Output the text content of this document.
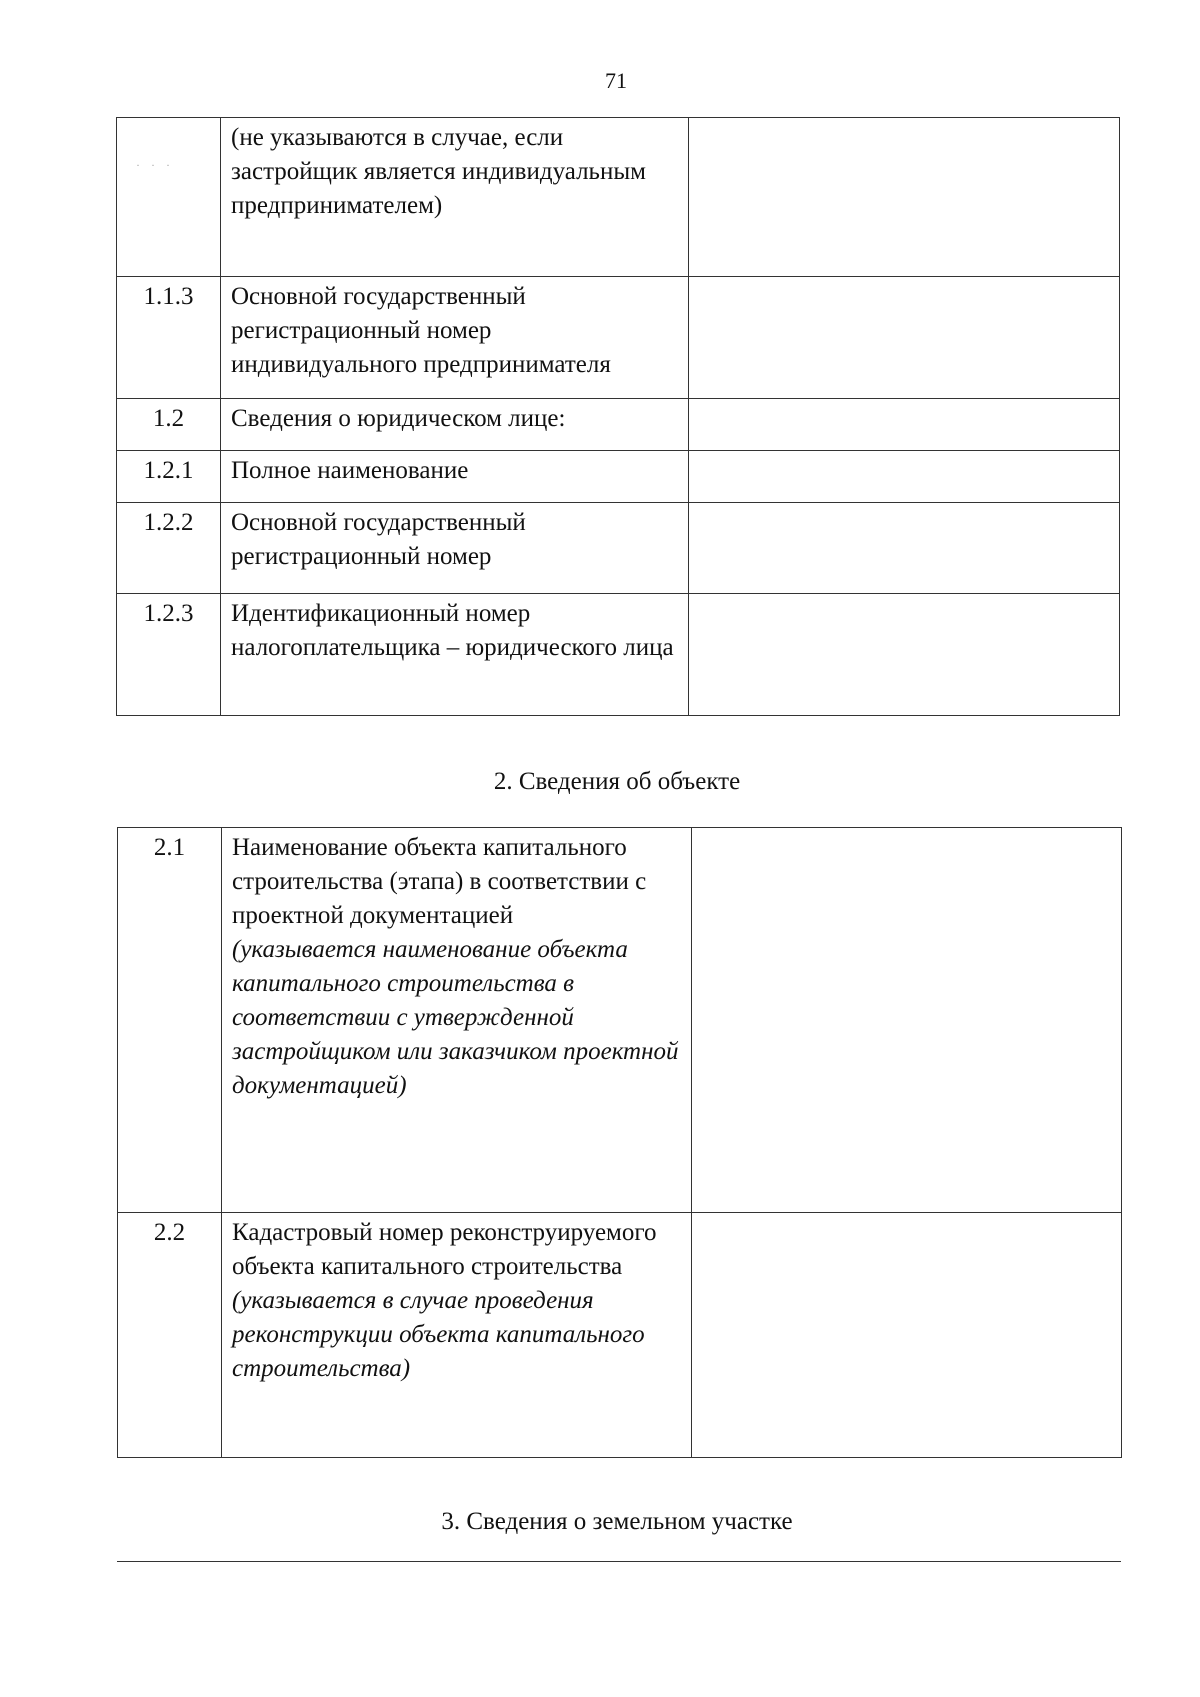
71
· · ·
	(не указываются в случае, если застройщик является индивидуальным предпринимателем)	
1.1.3	Основной государственный регистрационный номер индивидуального предпринимателя	
1.2	Сведения о юридическом лице:	
1.2.1	Полное наименование	
1.2.2	Основной государственный регистрационный номер	
1.2.3	Идентификационный номер налогоплательщика – юридического лица	
2. Сведения об объекте
2.1	Наименование объекта капитального строительства (этапа) в соответствии с проектной документацией
(указывается наименование объекта капитального строительства в соответствии с утвержденной застройщиком или заказчиком проектной документацией)	

2.2	Кадастровый номер реконструируемого объекта капитального строительства
(указывается в случае проведения реконструкции объекта капитального строительства)	

3. Сведения о земельном участке
